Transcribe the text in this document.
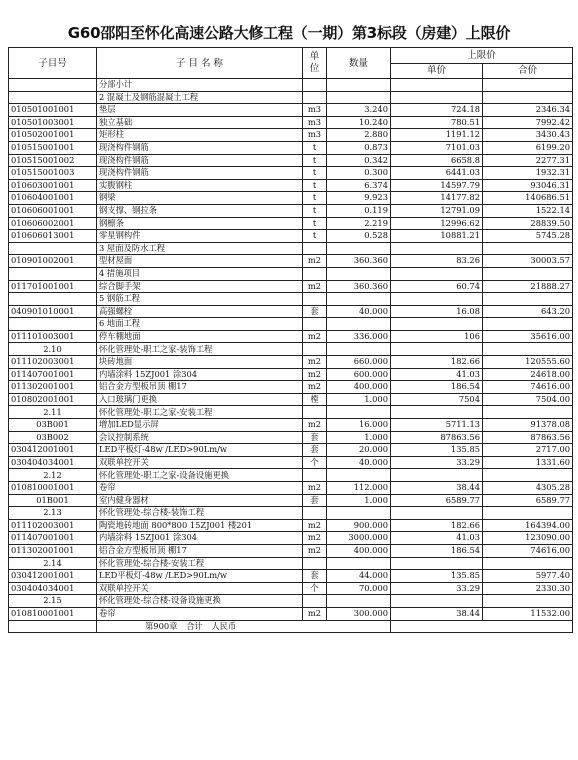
G60邵阳至怀化高速公路大修工程（一期）第3标段（房建）上限价
子目号	子 目 名 称	单
位	数量	上限价	
				单价	合价
	分部小计				
	2 混凝土及钢筋混凝土工程				
010501001001	垫层	m3	3.240	724.18	2346.34
010501003001	独立基础	m3	10.240	780.51	7992.42
010502001001	矩形柱	m3	2.880	1191.12	3430.43
010515001001	现浇构件钢筋	t	0.873	7101.03	6199.20
010515001002	现浇构件钢筋	t	0.342	6658.8	2277.31
010515001003	现浇构件钢筋	t	0.300	6441.03	1932.31
010603001001	实腹钢柱	t	6.374	14597.79	93046.31
010604001001	钢梁	t	9.923	14177.82	140686.51
010606001001	钢支撑、钢拉条	t	0.119	12791.09	1522.14
010606002001	钢檩条	t	2.219	12996.62	28839.50
010606013001	零星钢构件	t	0.528	10881.21	5745.28
	3 屋面及防水工程				
010901002001	型材屋面	m2	360.360	83.26	30003.57
	4 措施项目				
011701001001	综合脚手架	m2	360.360	60.74	21888.27
	5 钢筋工程				
040901010001	高强螺栓	套	40.000	16.08	643.20
	6 地面工程				
011101003001	停车棚地面	m2	336.000	106	35616.00
2.10	怀化管理处-职工之家-装饰工程				
011102003001	块砖地面	m2	660.000	182.66	120555.60
011407001001	内墙涂料 15ZJ001 涂304	m2	600.000	41.03	24618.00
011302001001	铝合金方型板吊顶 棚17	m2	400.000	186.54	74616.00
010802001001	入口玻璃门更换	樘	1.000	7504	7504.00
2.11	怀化管理处-职工之家-安装工程				
03B001	增加LED显示屏	m2	16.000	5711.13	91378.08
03B002	会议控制系统	套	1.000	87863.56	87863.56
030412001001	LED平板灯-48w /LED>90Lm/w	套	20.000	135.85	2717.00
030404034001	双联单控开关	个	40.000	33.29	1331.60
2.12	怀化管理处-职工之家-设备设施更换				
010810001001	卷帘	m2	112.000	38.44	4305.28
01B001	室内健身器材	套	1.000	6589.77	6589.77
2.13	怀化管理处-综合楼-装饰工程				
011102003001	陶瓷地砖地面 800*800 15ZJ001 楼201	m2	900.000	182.66	164394.00
011407001001	内墙涂料 15ZJ001 涂304	m2	3000.000	41.03	123090.00
011302001001	铝合金方型板吊顶 棚17	m2	400.000	186.54	74616.00
2.14	怀化管理处-综合楼-安装工程				
030412001001	LED平板灯-48w /LED>90Lm/w	套	44.000	135.85	5977.40
030404034001	双联单控开关	个	70.000	33.29	2330.30
2.15	怀化管理处-综合楼-设备设施更换				
010810001001	卷帘	m2	300.000	38.44	11532.00
	第900章 合计 人民币				
